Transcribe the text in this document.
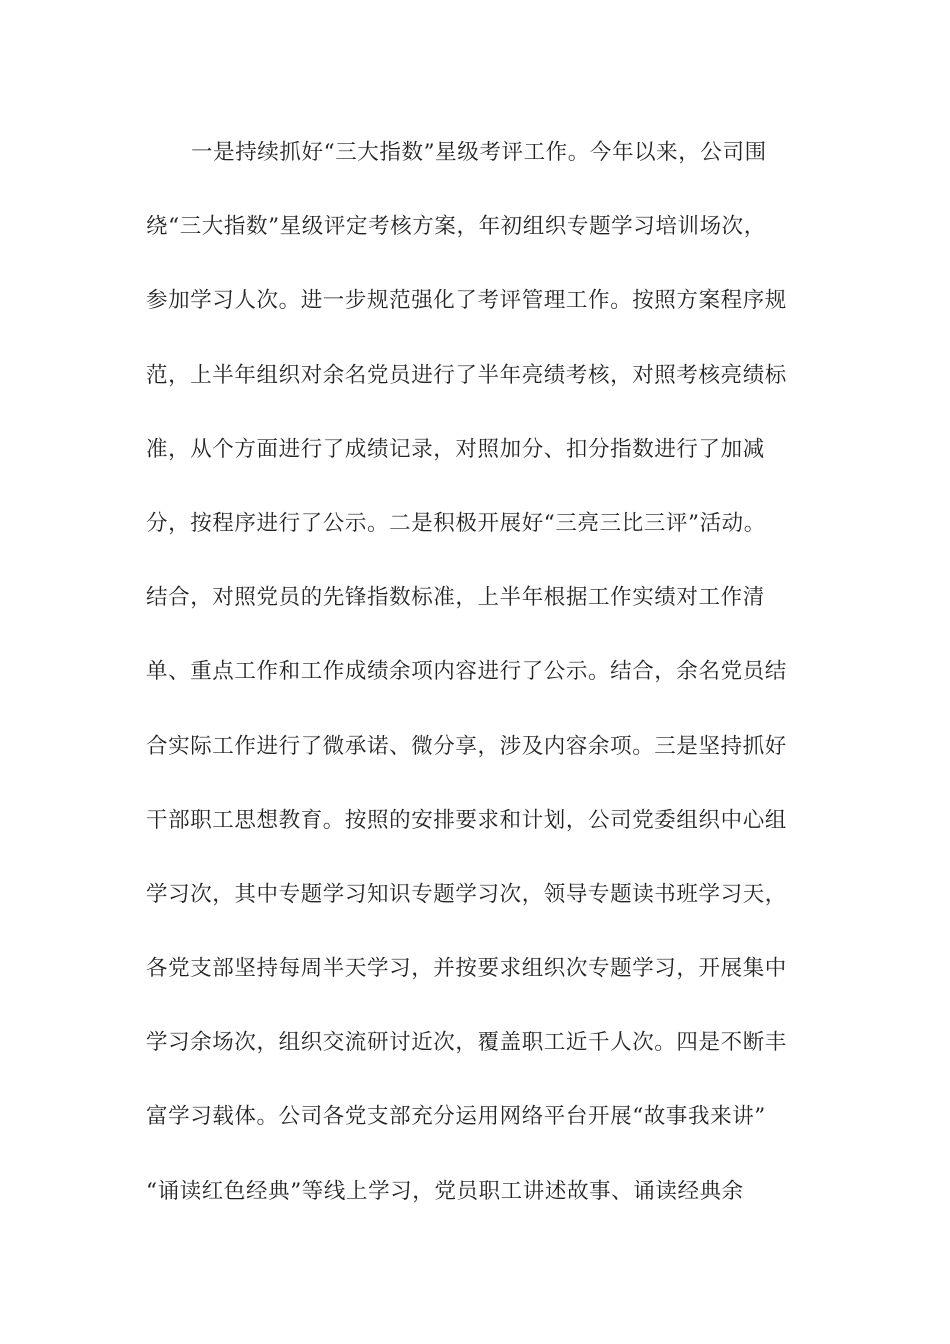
一是持续抓好“三大指数”星级考评工作。今年以来，公司围
绕“三大指数”星级评定考核方案，年初组织专题学习培训场次，
参加学习人次。进一步规范强化了考评管理工作。按照方案程序规
范，上半年组织对余名党员进行了半年亮绩考核，对照考核亮绩标
准，从个方面进行了成绩记录，对照加分、扣分指数进行了加减
分，按程序进行了公示。二是积极开展好“三亮三比三评”活动。
结合，对照党员的先锋指数标准，上半年根据工作实绩对工作清
单、重点工作和工作成绩余项内容进行了公示。结合，余名党员结
合实际工作进行了微承诺、微分享，涉及内容余项。三是坚持抓好
干部职工思想教育。按照的安排要求和计划，公司党委组织中心组
学习次，其中专题学习知识专题学习次，领导专题读书班学习天，
各党支部坚持每周半天学习，并按要求组织次专题学习，开展集中
学习余场次，组织交流研讨近次，覆盖职工近千人次。四是不断丰
富学习载体。公司各党支部充分运用网络平台开展“故事我来讲”
“诵读红色经典”等线上学习，党员职工讲述故事、诵读经典余
